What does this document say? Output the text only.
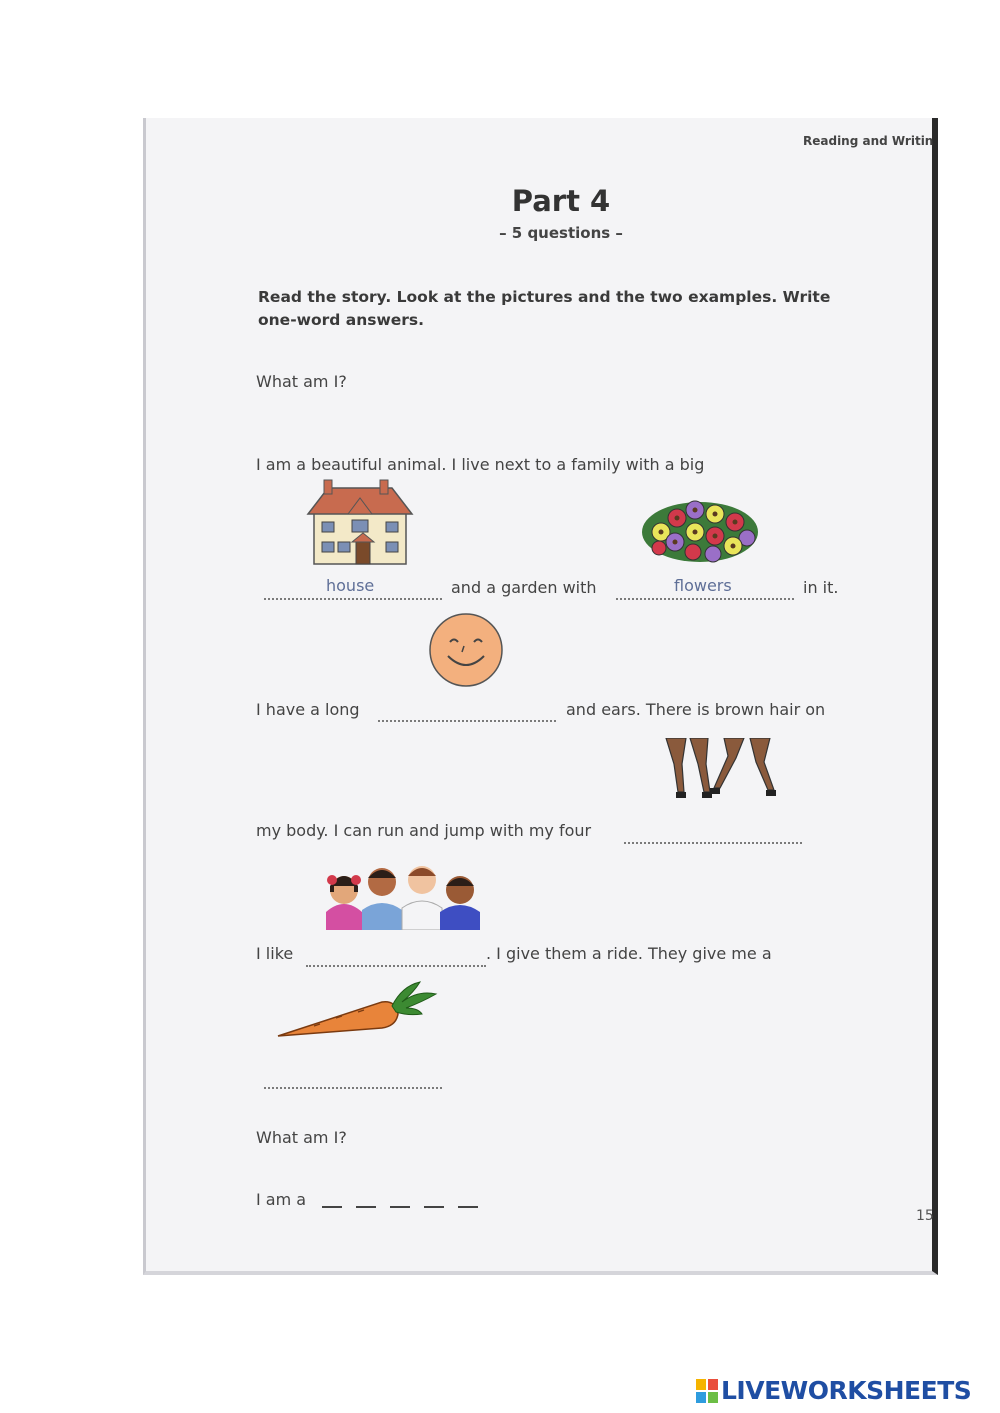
Reading and Writin
Part 4
– 5 questions –
Read the story. Look at the pictures and the two examples. Write one-word answers.
What am I?
I am a beautiful animal. I live next to a family with a big
house	and a garden with	flowers	in it.
I have a long	and ears. There is brown hair on
my body. I can run and jump with my four
I like	. I give them a ride. They give me a
What am I?
I am a
15
LIVEWORKSHEETS
